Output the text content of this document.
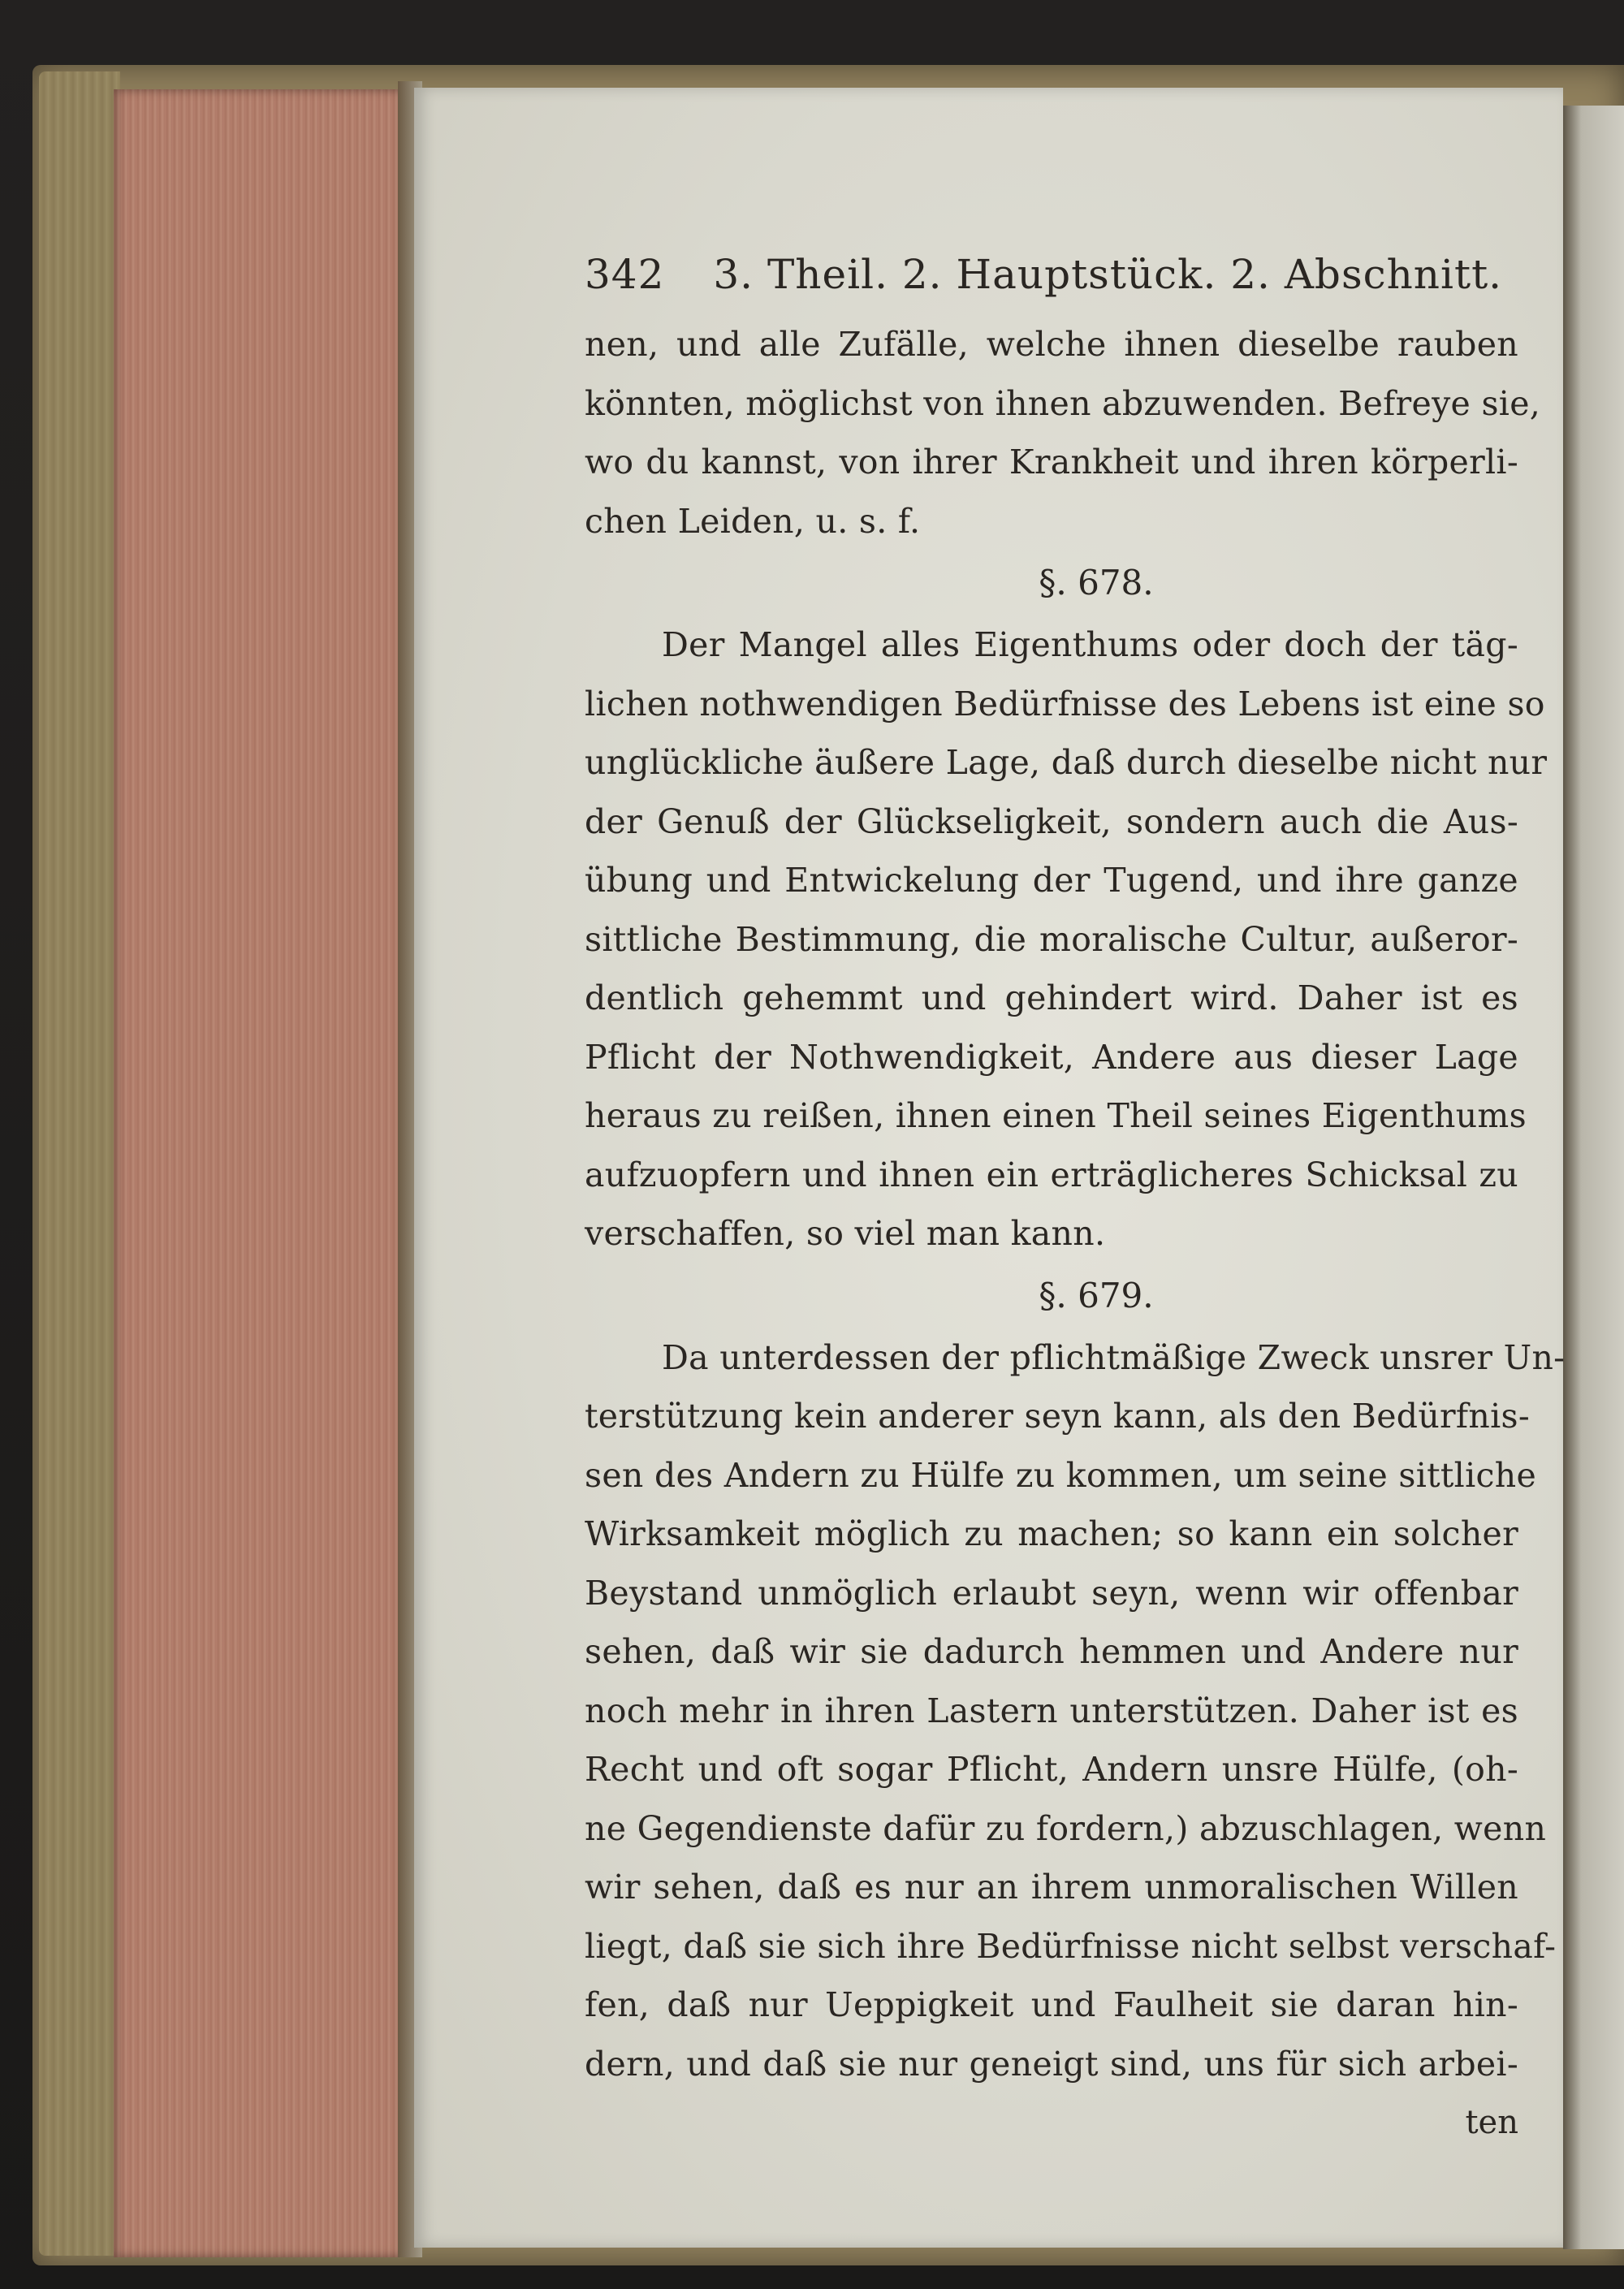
342	3. Theil. 2. Hauptstück. 2. Abschnitt.
nen, und alle Zufälle, welche ihnen dieselbe rauben
könnten, möglichst von ihnen abzuwenden. Befreye sie,
wo du kannst, von ihrer Krankheit und ihren körperli-
chen Leiden, u. s. f.
§. 678.
Der Mangel alles Eigenthums oder doch der täg-
lichen nothwendigen Bedürfnisse des Lebens ist eine so
unglückliche äußere Lage, daß durch dieselbe nicht nur
der Genuß der Glückseligkeit, sondern auch die Aus-
übung und Entwickelung der Tugend, und ihre ganze
sittliche Bestimmung, die moralische Cultur, außeror-
dentlich gehemmt und gehindert wird. Daher ist es
Pflicht der Nothwendigkeit, Andere aus dieser Lage
heraus zu reißen, ihnen einen Theil seines Eigenthums
aufzuopfern und ihnen ein erträglicheres Schicksal zu
verschaffen, so viel man kann.
§. 679.
Da unterdessen der pflichtmäßige Zweck unsrer Un-
terstützung kein anderer seyn kann, als den Bedürfnis-
sen des Andern zu Hülfe zu kommen, um seine sittliche
Wirksamkeit möglich zu machen; so kann ein solcher
Beystand unmöglich erlaubt seyn, wenn wir offenbar
sehen, daß wir sie dadurch hemmen und Andere nur
noch mehr in ihren Lastern unterstützen. Daher ist es
Recht und oft sogar Pflicht, Andern unsre Hülfe, (oh-
ne Gegendienste dafür zu fordern,) abzuschlagen, wenn
wir sehen, daß es nur an ihrem unmoralischen Willen
liegt, daß sie sich ihre Bedürfnisse nicht selbst verschaf-
fen, daß nur Ueppigkeit und Faulheit sie daran hin-
dern, und daß sie nur geneigt sind, uns für sich arbei-
ten
